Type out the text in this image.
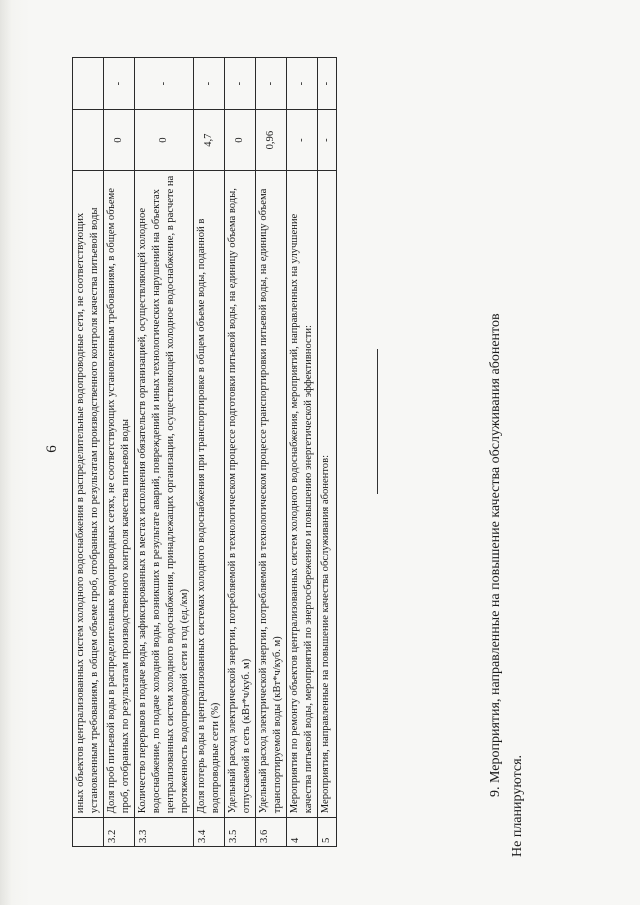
6
	иных объектов централизованных систем холодного водоснабжения в распределительные водопроводные сети, не соответствующих установленным требованиям, в общем объеме проб, отобранных по результатам производственного контроля качества питьевой воды		
3.2	Доля проб питьевой воды в распределительных водопроводных сетях, не соответствующих установленным требованиям, в общем объеме проб, отобранных по результатам производственного контроля качества питьевой воды	0	-
3.3	Количество перерывов в подаче воды, зафиксированных в местах исполнения обязательств организацией, осуществляющей холодное водоснабжение, по подаче холодной воды, возникших в результате аварий, повреждений и иных технологических нарушений на объектах централизованных систем холодного водоснабжения, принадлежащих организации, осуществляющей холодное водоснабжение, в расчете на протяженность водопроводной сети в год (ед./км)	0	-
3.4	Доля потерь воды в централизованных системах холодного водоснабжения при транспортировке в общем объеме воды, поданной в водопроводные сети (%)	4,7	-
3.5	Удельный расход электрической энергии, потребляемой в технологическом процессе подготовки питьевой воды, на единицу объема воды, отпускаемой в сеть (кВт*ч/куб. м)	0	-
3.6	Удельный расход электрической энергии, потребляемой в технологическом процессе транспортировки питьевой воды, на единицу объема транспортируемой воды (кВт*ч/куб. м)	0,96	-
4	Мероприятия по ремонту объектов централизованных систем холодного водоснабжения, мероприятий, направленных на улучшение качества питьевой воды, мероприятий по энергосбережению и повышению энергетической эффективности:	-	-
5	Мероприятия, направленные на повышение качества обслуживания абонентов:	-	-
9. Мероприятия, направленные на повышение качества обслуживания абонентов
Не планируются.
